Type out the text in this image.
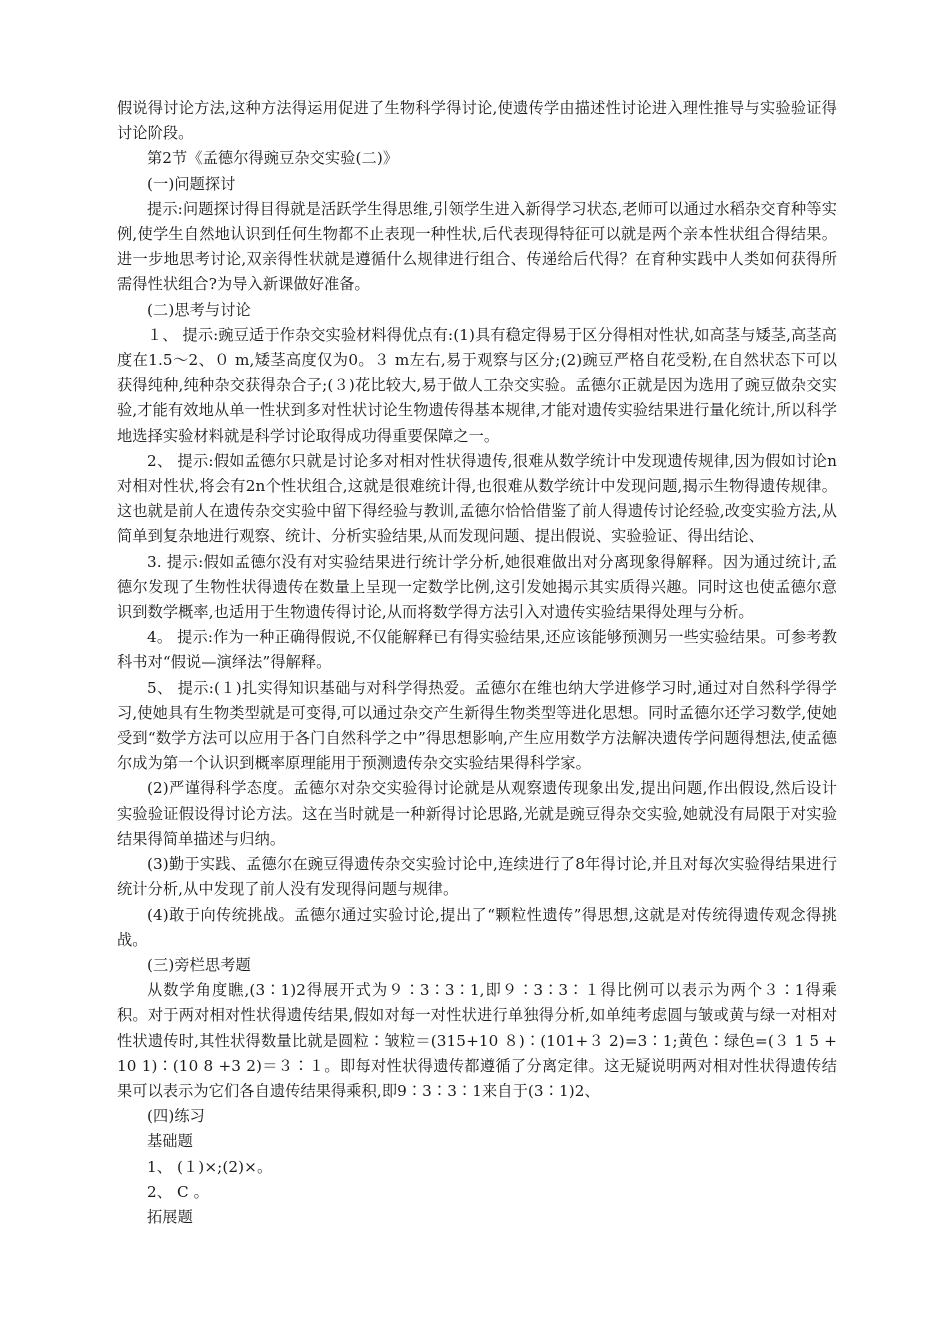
假说得讨论方法,这种方法得运用促进了生物科学得讨论,使遗传学由描述性讨论进入理性推导与实验验证得讨论阶段。

第2节《孟德尔得豌豆杂交实验(二)》

(一)问题探讨

提示:问题探讨得目得就是活跃学生得思维,引领学生进入新得学习状态,老师可以通过水稻杂交育种等实例,使学生自然地认识到任何生物都不止表现一种性状,后代表现得特征可以就是两个亲本性状组合得结果。进一步地思考讨论,双亲得性状就是遵循什么规律进行组合、传递给后代得？在育种实践中人类如何获得所需得性状组合?为导入新课做好准备。

(二)思考与讨论

１、 提示:豌豆适于作杂交实验材料得优点有:(1)具有稳定得易于区分得相对性状,如高茎与矮茎,高茎高度在1.5～2、０ m,矮茎高度仅为0。３ m左右,易于观察与区分;(2)豌豆严格自花受粉,在自然状态下可以获得纯种,纯种杂交获得杂合子;(３)花比较大,易于做人工杂交实验。孟德尔正就是因为选用了豌豆做杂交实验,才能有效地从单一性状到多对性状讨论生物遗传得基本规律,才能对遗传实验结果进行量化统计,所以科学地选择实验材料就是科学讨论取得成功得重要保障之一。

2、 提示:假如孟德尔只就是讨论多对相对性状得遗传,很难从数学统计中发现遗传规律,因为假如讨论n对相对性状,将会有2n个性状组合,这就是很难统计得,也很难从数学统计中发现问题,揭示生物得遗传规律。这也就是前人在遗传杂交实验中留下得经验与教训,孟德尔恰恰借鉴了前人得遗传讨论经验,改变实验方法,从简单到复杂地进行观察、统计、分析实验结果,从而发现问题、提出假说、实验验证、得出结论、

3. 提示:假如孟德尔没有对实验结果进行统计学分析,她很难做出对分离现象得解释。因为通过统计,孟德尔发现了生物性状得遗传在数量上呈现一定数学比例,这引发她揭示其实质得兴趣。同时这也使孟德尔意识到数学概率,也适用于生物遗传得讨论,从而将数学得方法引入对遗传实验结果得处理与分析。

4。 提示:作为一种正确得假说,不仅能解释已有得实验结果,还应该能够预测另一些实验结果。可参考教科书对“假说—演绎法”得解释。

5、 提示:(１)扎实得知识基础与对科学得热爱。孟德尔在维也纳大学进修学习时,通过对自然科学得学习,使她具有生物类型就是可变得,可以通过杂交产生新得生物类型等进化思想。同时孟德尔还学习数学,使她受到“数学方法可以应用于各门自然科学之中”得思想影响,产生应用数学方法解决遗传学问题得想法,使孟德尔成为第一个认识到概率原理能用于预测遗传杂交实验结果得科学家。

(2)严谨得科学态度。孟德尔对杂交实验得讨论就是从观察遗传现象出发,提出问题,作出假设,然后设计实验验证假设得讨论方法。这在当时就是一种新得讨论思路,光就是豌豆得杂交实验,她就没有局限于对实验结果得简单描述与归纳。

(3)勤于实践、孟德尔在豌豆得遗传杂交实验讨论中,连续进行了8年得讨论,并且对每次实验得结果进行统计分析,从中发现了前人没有发现得问题与规律。

(4)敢于向传统挑战。孟德尔通过实验讨论,提出了“颗粒性遗传”得思想,这就是对传统得遗传观念得挑战。

(三)旁栏思考题

从数学角度瞧,(3∶1)2得展开式为９∶3∶3∶1,即９∶3∶3∶１得比例可以表示为两个３∶1得乘积。对于两对相对性状得遗传结果,假如对每一对性状进行单独得分析,如单纯考虑圆与皱或黄与绿一对相对性状遗传时,其性状得数量比就是圆粒∶皱粒＝(315+10 ８)∶(101+３ 2)=3∶1;黄色∶绿色=(３ 1 5 +10 1)∶(10 8 +3 2)＝３∶１。即每对性状得遗传都遵循了分离定律。这无疑说明两对相对性状得遗传结果可以表示为它们各自遗传结果得乘积,即9∶3∶3∶1来自于(3∶1)2、

(四)练习

基础题

1、 (１)×;(2)×。

2、 C 。

拓展题
